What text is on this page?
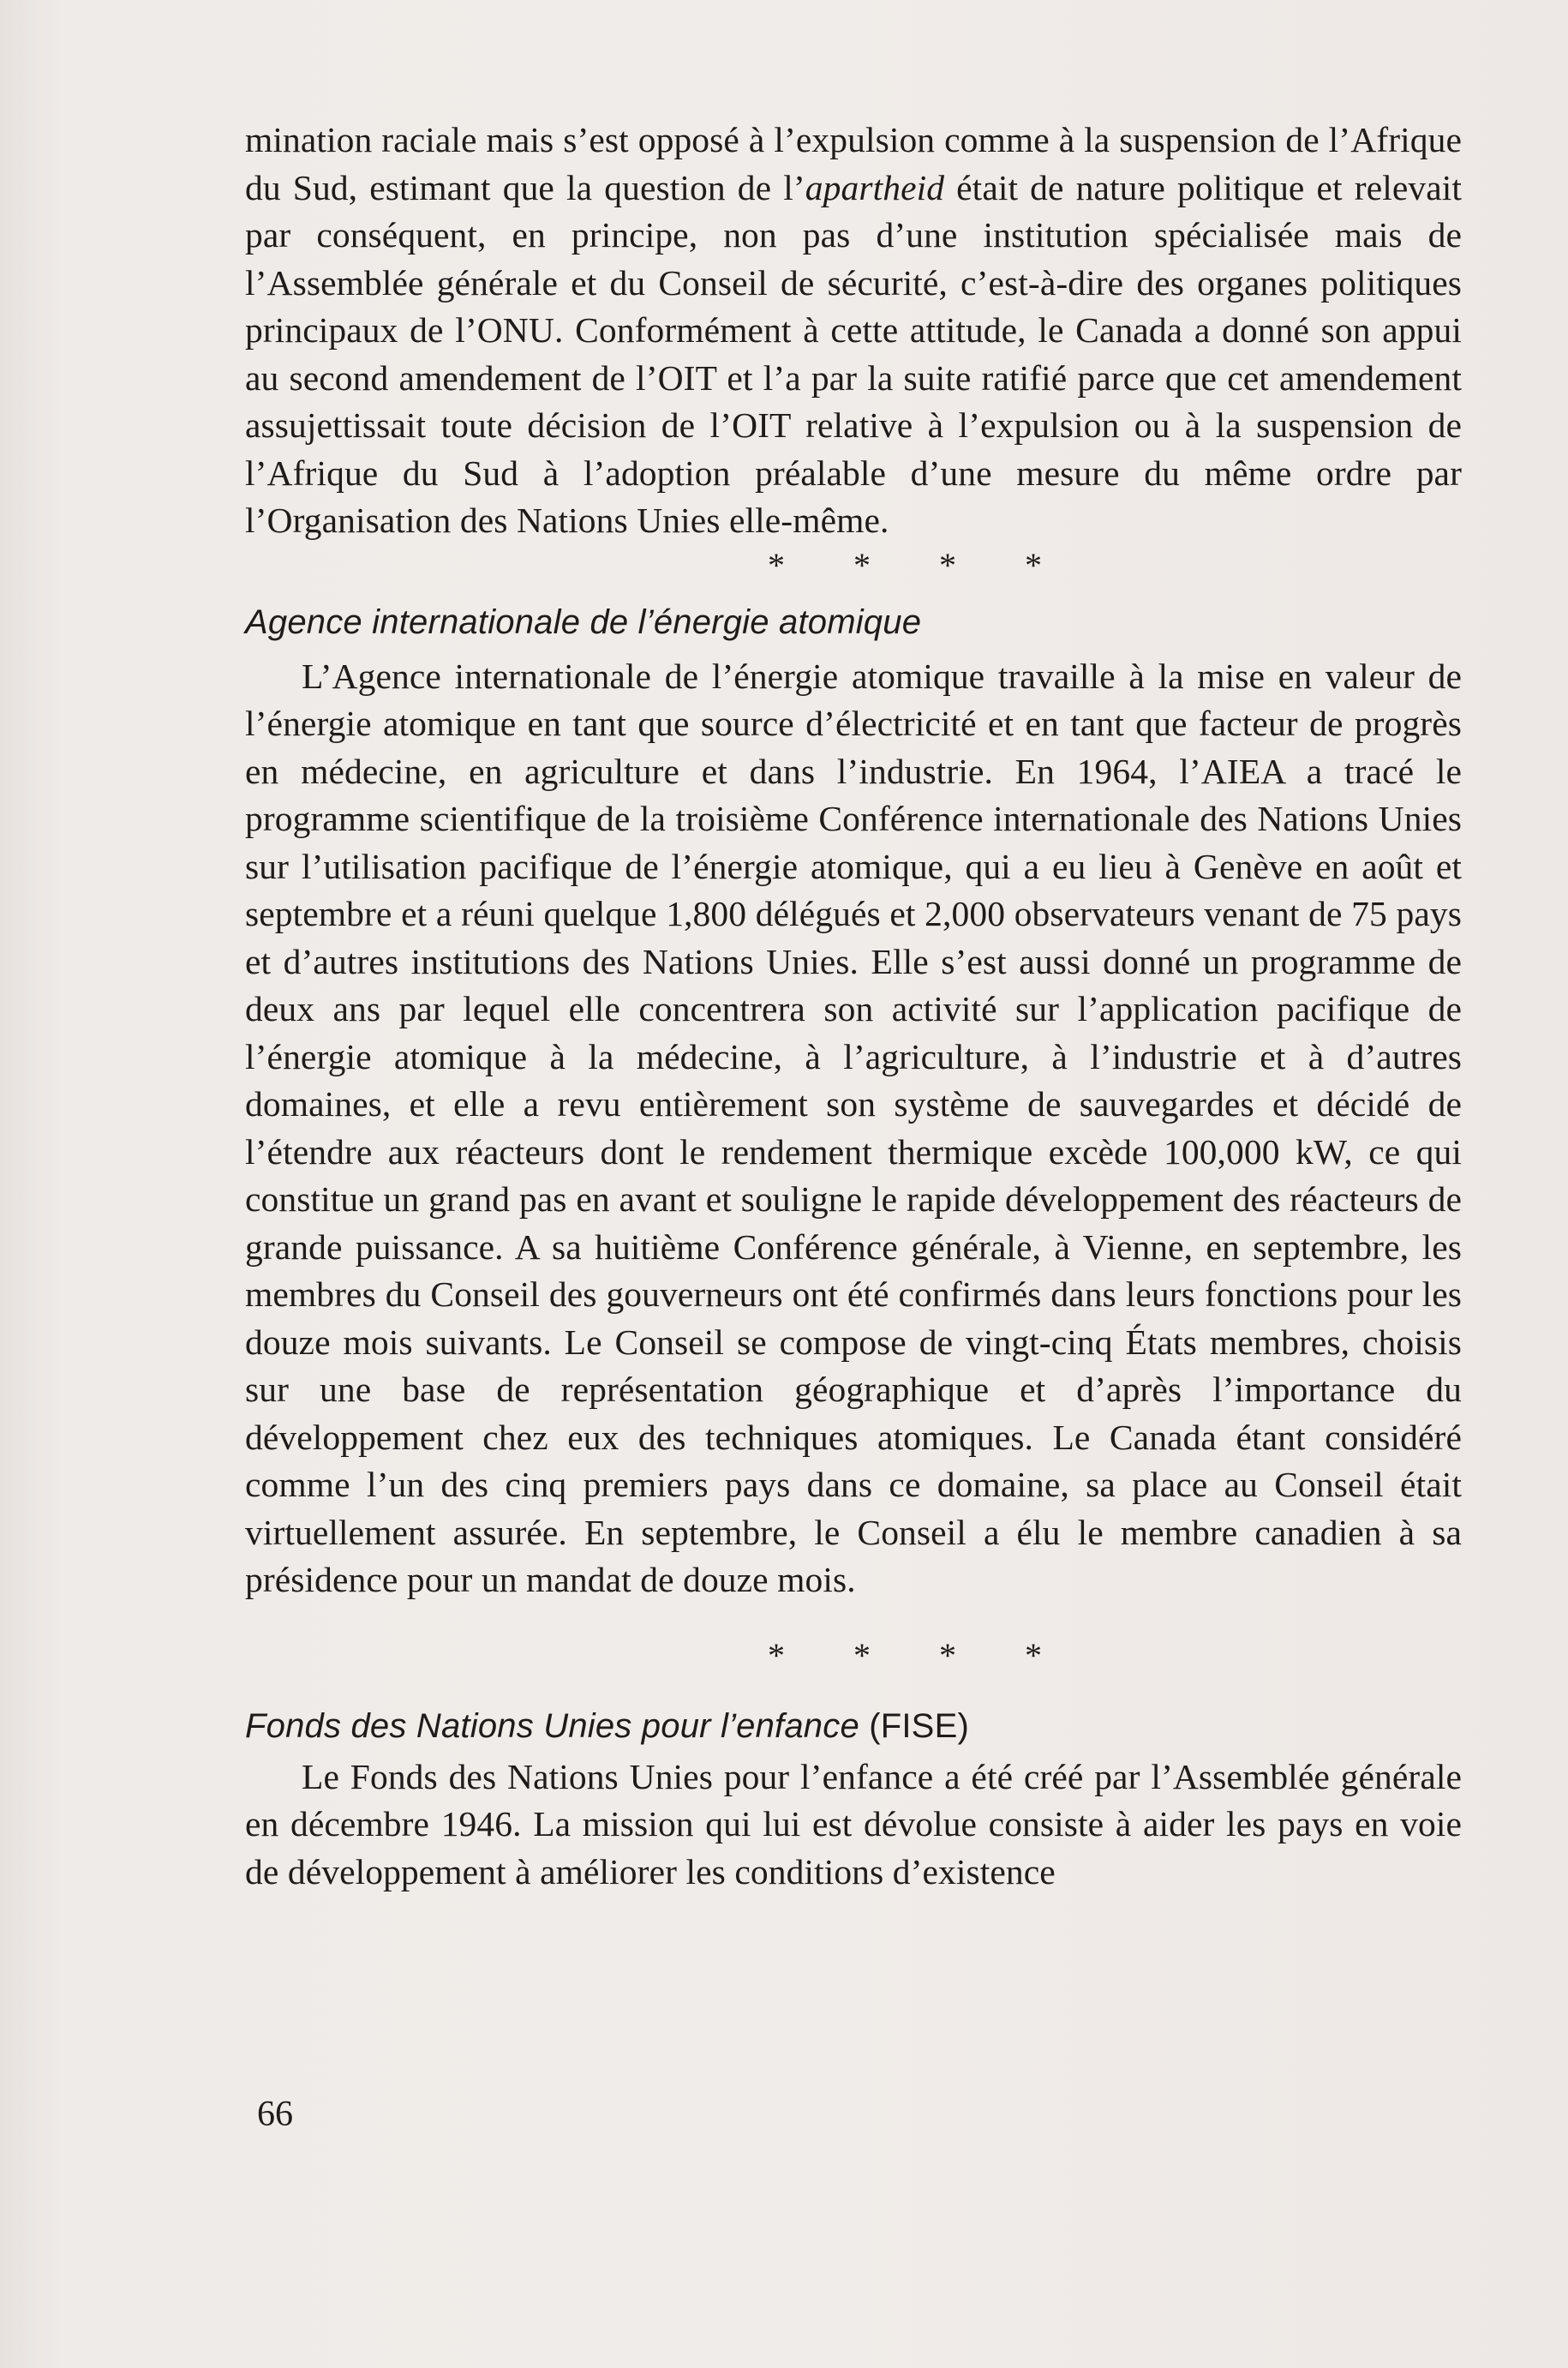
mination raciale mais s’est opposé à l’expulsion comme à la suspension de l’Afrique du Sud, estimant que la question de l’apartheid était de nature politique et relevait par conséquent, en principe, non pas d’une institution spécialisée mais de l’Assemblée générale et du Conseil de sécurité, c’est-à-dire des organes politiques principaux de l’ONU. Conformément à cette attitude, le Canada a donné son appui au second amendement de l’OIT et l’a par la suite ratifié parce que cet amendement assujettissait toute décision de l’OIT relative à l’expulsion ou à la suspension de l’Afrique du Sud à l’adoption préalable d’une mesure du même ordre par l’Organisation des Nations Unies elle-même.

* * * *
Agence internationale de l’énergie atomique

L’Agence internationale de l’énergie atomique travaille à la mise en valeur de l’énergie atomique en tant que source d’électricité et en tant que facteur de progrès en médecine, en agriculture et dans l’industrie. En 1964, l’AIEA a tracé le programme scientifique de la troisième Conférence internationale des Nations Unies sur l’utilisation pacifique de l’énergie atomique, qui a eu lieu à Genève en août et septembre et a réuni quelque 1,800 délégués et 2,000 observateurs venant de 75 pays et d’autres institutions des Nations Unies. Elle s’est aussi donné un programme de deux ans par lequel elle concentrera son activité sur l’application pacifique de l’énergie atomique à la médecine, à l’agriculture, à l’industrie et à d’autres domaines, et elle a revu entièrement son système de sauvegardes et décidé de l’étendre aux réacteurs dont le rendement thermique excède 100,000 kW, ce qui constitue un grand pas en avant et souligne le rapide développement des réacteurs de grande puissance. A sa huitième Conférence générale, à Vienne, en septembre, les membres du Conseil des gouverneurs ont été confirmés dans leurs fonctions pour les douze mois suivants. Le Conseil se compose de vingt-cinq États membres, choisis sur une base de représentation géographique et d’après l’importance du développement chez eux des techniques atomiques. Le Canada étant considéré comme l’un des cinq premiers pays dans ce domaine, sa place au Conseil était virtuellement assurée. En septembre, le Conseil a élu le membre canadien à sa présidence pour un mandat de douze mois.

* * * *
Fonds des Nations Unies pour l’enfance (FISE)

Le Fonds des Nations Unies pour l’enfance a été créé par l’Assemblée générale en décembre 1946. La mission qui lui est dévolue consiste à aider les pays en voie de développement à améliorer les conditions d’existence

66
